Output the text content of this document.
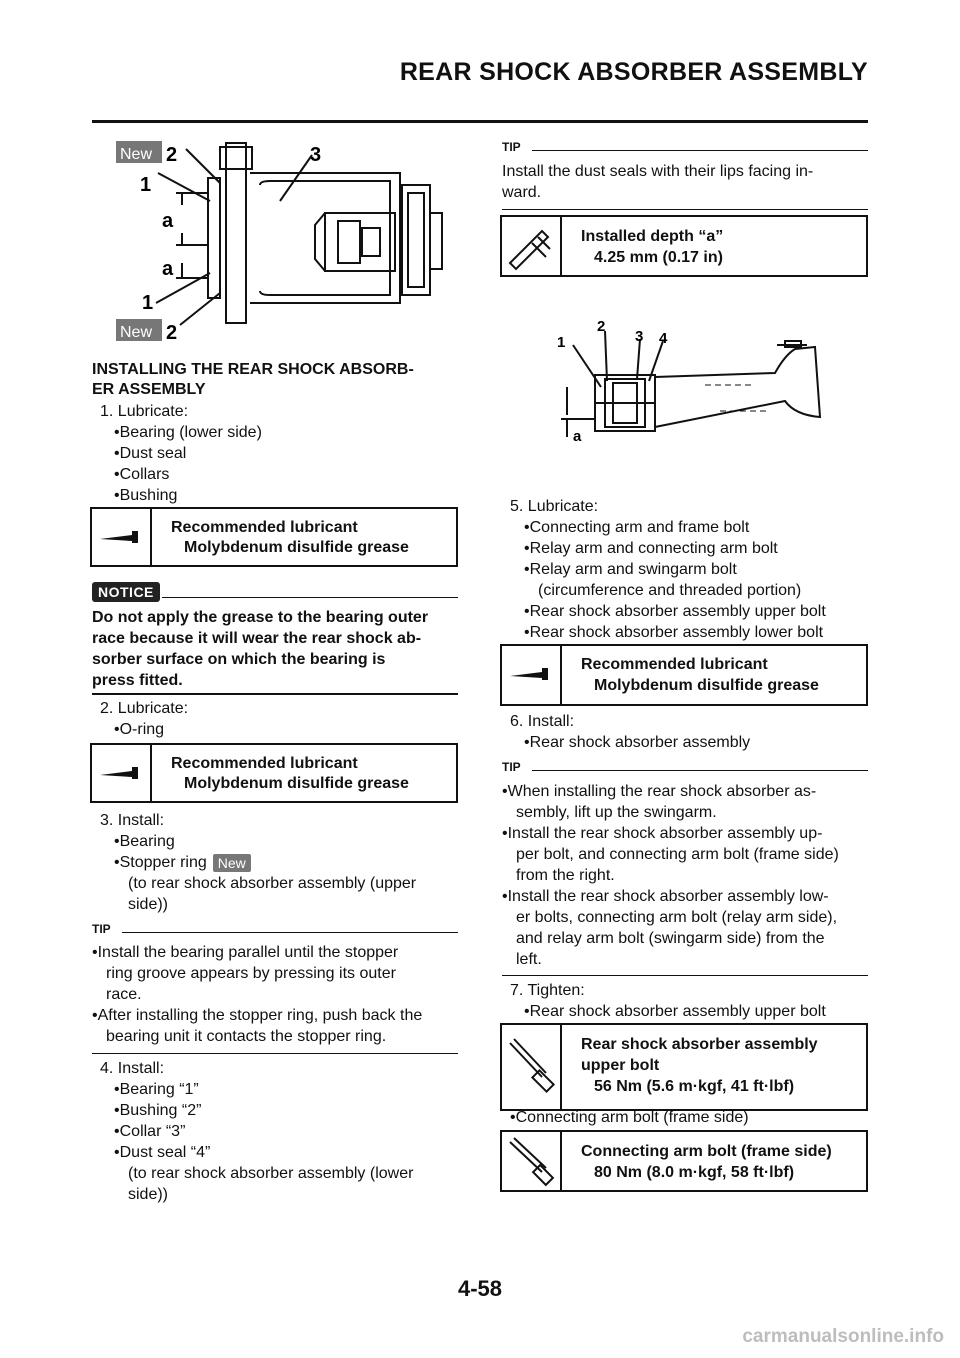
REAR SHOCK ABSORBER ASSEMBLY
New 2	3
1
a
a
1
New 2
INSTALLING THE REAR SHOCK ABSORB-
ER ASSEMBLY
1. Lubricate:
• Bearing (lower side)
• Dust seal
• Collars
• Bushing
Recommended lubricant
Molybdenum disulfide grease
NOTICE
Do not apply the grease to the bearing outer
race because it will wear the rear shock ab-
sorber surface on which the bearing is
press fitted.
2. Lubricate:
• O-ring
Recommended lubricant
Molybdenum disulfide grease
3. Install:
• Bearing
• Stopper ring New
(to rear shock absorber assembly (upper
side))
TIP
• Install the bearing parallel until the stopper
ring groove appears by pressing its outer
race.
• After installing the stopper ring, push back the
bearing unit it contacts the stopper ring.
4. Install:
• Bearing “1”
• Bushing “2”
• Collar “3”
• Dust seal “4”
(to rear shock absorber assembly (lower
side))
TIP
Install the dust seals with their lips facing in-
ward.
Installed depth “a”
4.25 mm (0.17 in)
1
2
3 4
a
5. Lubricate:
• Connecting arm and frame bolt
• Relay arm and connecting arm bolt
• Relay arm and swingarm bolt
(circumference and threaded portion)
• Rear shock absorber assembly upper bolt
• Rear shock absorber assembly lower bolt
Recommended lubricant
Molybdenum disulfide grease
6. Install:
• Rear shock absorber assembly
TIP
• When installing the rear shock absorber as-
sembly, lift up the swingarm.
• Install the rear shock absorber assembly up-
per bolt, and connecting arm bolt (frame side)
from the right.
• Install the rear shock absorber assembly low-
er bolts, connecting arm bolt (relay arm side),
and relay arm bolt (swingarm side) from the
left.
7. Tighten:
• Rear shock absorber assembly upper bolt
Rear shock absorber assembly
upper bolt
56 Nm (5.6 m·kgf, 41 ft·lbf)
• Connecting arm bolt (frame side)
Connecting arm bolt (frame side)
80 Nm (8.0 m·kgf, 58 ft·lbf)
4-58
carmanualsonline.info
